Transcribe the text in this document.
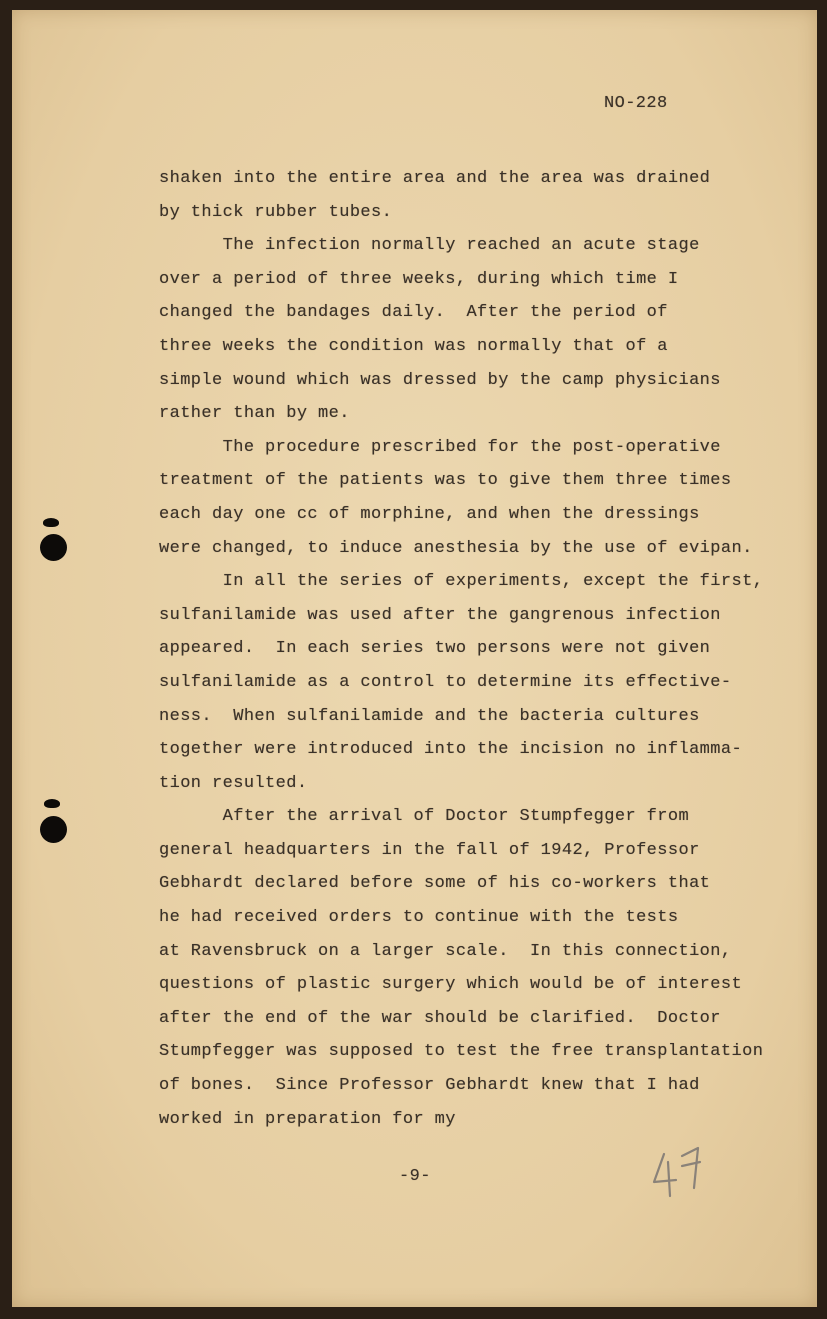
NO-228
shaken into the entire area and the area was drained
by thick rubber tubes.
The infection normally reached an acute stage
over a period of three weeks, during which time I
changed the bandages daily.  After the period of
three weeks the condition was normally that of a
simple wound which was dressed by the camp physicians
rather than by me.
The procedure prescribed for the post-operative
treatment of the patients was to give them three times
each day one cc of morphine, and when the dressings
were changed, to induce anesthesia by the use of evipan.
In all the series of experiments, except the first,
sulfanilamide was used after the gangrenous infection
appeared.  In each series two persons were not given
sulfanilamide as a control to determine its effective-
ness.  When sulfanilamide and the bacteria cultures
together were introduced into the incision no inflamma-
tion resulted.
After the arrival of Doctor Stumpfegger from
general headquarters in the fall of 1942, Professor
Gebhardt declared before some of his co-workers that
he had received orders to continue with the tests
at Ravensbruck on a larger scale.  In this connection,
questions of plastic surgery which would be of interest
after the end of the war should be clarified.  Doctor
Stumpfegger was supposed to test the free transplantation
of bones.  Since Professor Gebhardt knew that I had
worked in preparation for my
-9-
